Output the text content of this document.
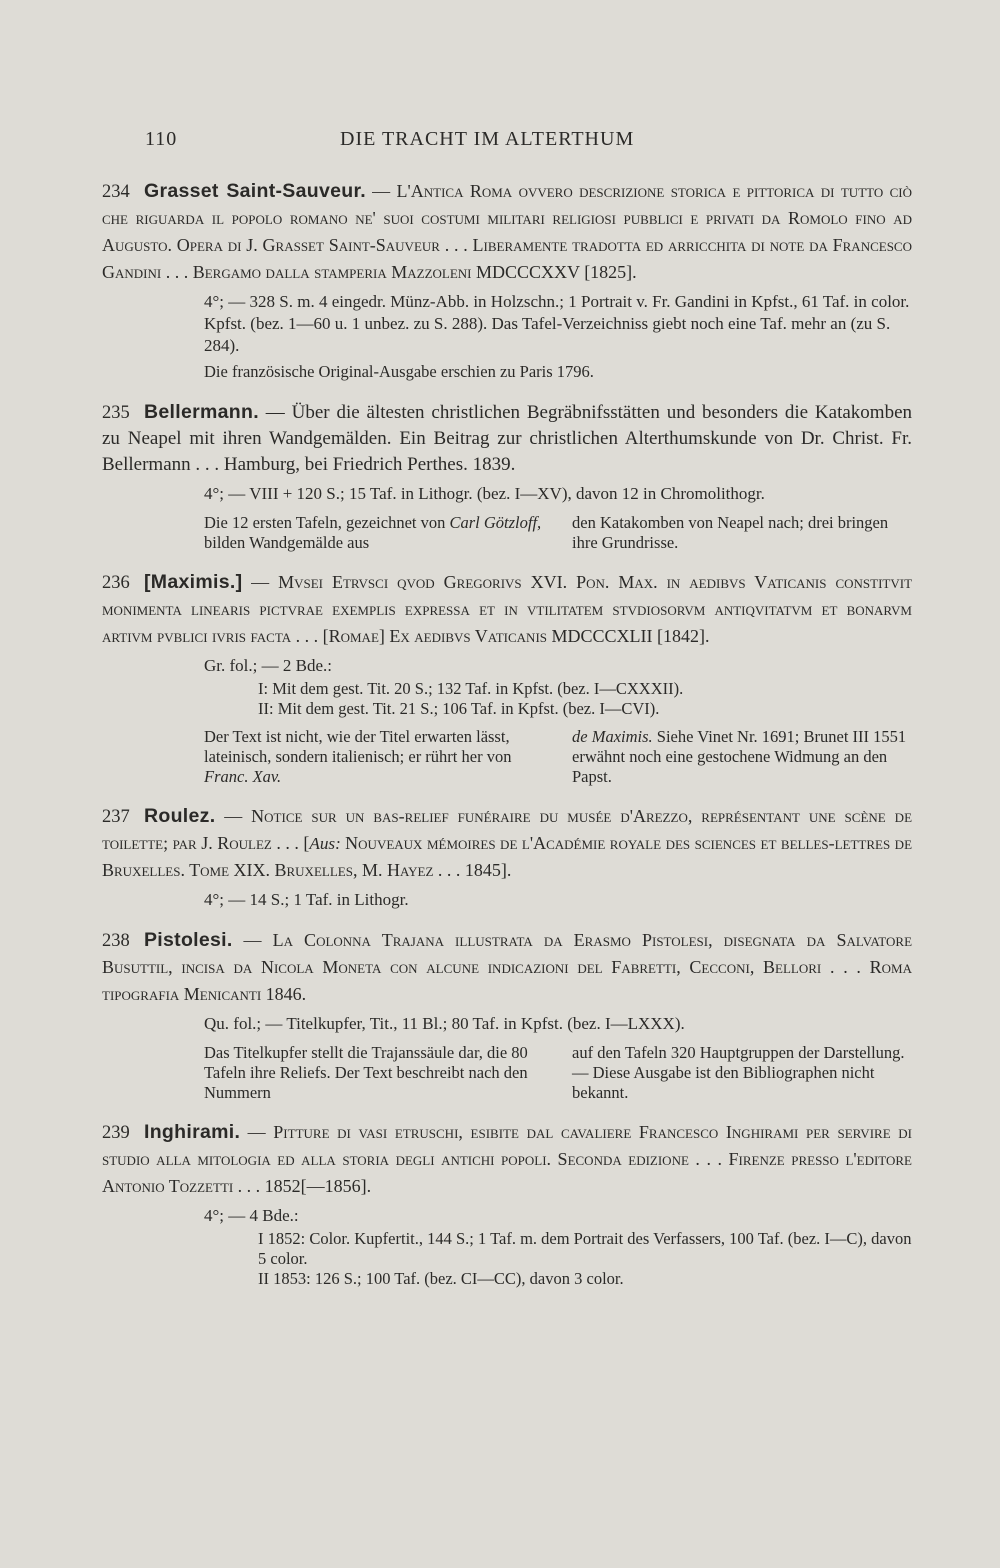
110	DIE TRACHT IM ALTERTHUM
234 Grasset Saint-Sauveur. — L'Antica Roma ovvero descrizione storica e pittorica di tutto ciò che riguarda il popolo romano ne' suoi costumi militari religiosi pubblici e privati da Romolo fino ad Augusto. Opera di J. Grasset Saint-Sauveur . . . Liberamente tradotta ed arricchita di note da Francesco Gandini . . . Bergamo dalla stamperia Mazzoleni MDCCCXXV [1825].
4°; — 328 S. m. 4 eingedr. Münz-Abb. in Holzschn.; 1 Portrait v. Fr. Gandini in Kpfst., 61 Taf. in color. Kpfst. (bez. 1—60 u. 1 unbez. zu S. 288). Das Tafel-Verzeichniss giebt noch eine Taf. mehr an (zu S. 284).
Die französische Original-Ausgabe erschien zu Paris 1796.
235 Bellermann. — Über die ältesten christlichen Begräbnifsstätten und besonders die Katakomben zu Neapel mit ihren Wandgemälden. Ein Beitrag zur christlichen Alterthumskunde von Dr. Christ. Fr. Bellermann . . . Hamburg, bei Friedrich Perthes. 1839.
4°; — VIII + 120 S.; 15 Taf. in Lithogr. (bez. I—XV), davon 12 in Chromolithogr.
Die 12 ersten Tafeln, gezeichnet von Carl Götzloff, bilden Wandgemälde aus
den Katakomben von Neapel nach; drei bringen ihre Grundrisse.
236 [Maximis.] — Mvsei Etrvsci qvod Gregorivs XVI. Pon. Max. in aedibvs Vaticanis constitvit monimenta linearis pictvrae exemplis expressa et in vtilitatem stvdiosorvm antiqvitatvm et bonarvm artivm pvblici ivris facta . . . [Romae] Ex aedibvs Vaticanis MDCCCXLII [1842].
Gr. fol.; — 2 Bde.:
I: Mit dem gest. Tit. 20 S.; 132 Taf. in Kpfst. (bez. I—CXXXII).
II: Mit dem gest. Tit. 21 S.; 106 Taf. in Kpfst. (bez. I—CVI).
Der Text ist nicht, wie der Titel erwarten lässt, lateinisch, sondern italienisch; er rührt her von Franc. Xav.
de Maximis. Siehe Vinet Nr. 1691; Brunet III 1551 erwähnt noch eine gestochene Widmung an den Papst.
237 Roulez. — Notice sur un bas-relief funéraire du musée d'Arezzo, représentant une scène de toilette; par J. Roulez . . . [Aus: Nouveaux mémoires de l'Académie royale des sciences et belles-lettres de Bruxelles. Tome XIX. Bruxelles, M. Hayez . . . 1845].
4°; — 14 S.; 1 Taf. in Lithogr.
238 Pistolesi. — La Colonna Trajana illustrata da Erasmo Pistolesi, disegnata da Salvatore Busuttil, incisa da Nicola Moneta con alcune indicazioni del Fabretti, Cecconi, Bellori . . . Roma tipografia Menicanti 1846.
Qu. fol.; — Titelkupfer, Tit., 11 Bl.; 80 Taf. in Kpfst. (bez. I—LXXX).
Das Titelkupfer stellt die Trajanssäule dar, die 80 Tafeln ihre Reliefs. Der Text beschreibt nach den Nummern
auf den Tafeln 320 Hauptgruppen der Darstellung. — Diese Ausgabe ist den Bibliographen nicht bekannt.
239 Inghirami. — Pitture di vasi etruschi, esibite dal cavaliere Francesco Inghirami per servire di studio alla mitologia ed alla storia degli antichi popoli. Seconda edizione . . . Firenze presso l'editore Antonio Tozzetti . . . 1852[—1856].
4°; — 4 Bde.:
I 1852: Color. Kupfertit., 144 S.; 1 Taf. m. dem Portrait des Verfassers, 100 Taf. (bez. I—C), davon 5 color.
II 1853: 126 S.; 100 Taf. (bez. CI—CC), davon 3 color.
